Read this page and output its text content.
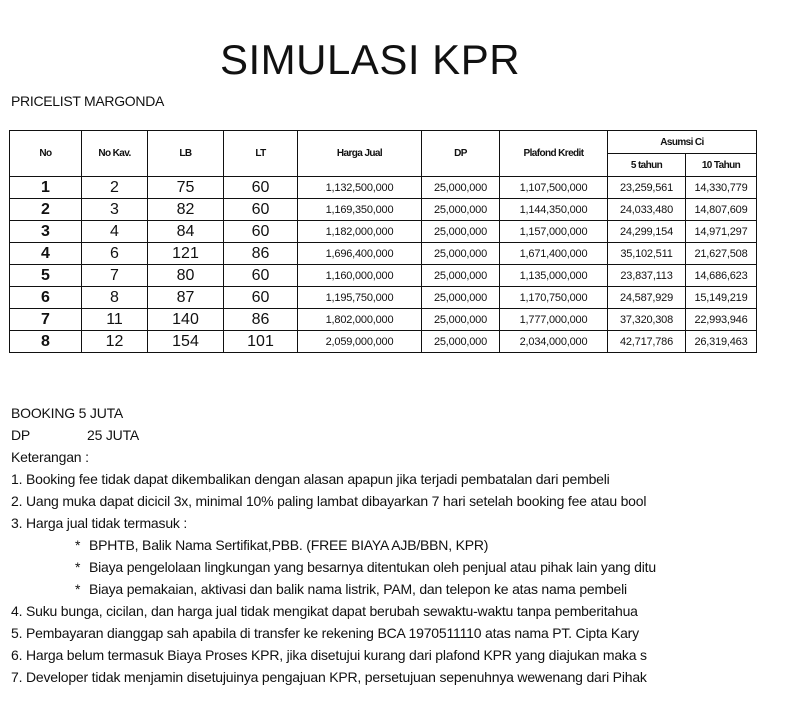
SIMULASI KPR
PRICELIST MARGONDA
No	No Kav.	LB	LT	Harga Jual	DP	Plafond Kredit	Asumsi Ci	
							5 tahun	10 Tahun
1	2	75	60	1,132,500,000	25,000,000	1,107,500,000	23,259,561	14,330,779
2	3	82	60	1,169,350,000	25,000,000	1,144,350,000	24,033,480	14,807,609
3	4	84	60	1,182,000,000	25,000,000	1,157,000,000	24,299,154	14,971,297
4	6	121	86	1,696,400,000	25,000,000	1,671,400,000	35,102,511	21,627,508
5	7	80	60	1,160,000,000	25,000,000	1,135,000,000	23,837,113	14,686,623
6	8	87	60	1,195,750,000	25,000,000	1,170,750,000	24,587,929	15,149,219
7	11	140	86	1,802,000,000	25,000,000	1,777,000,000	37,320,308	22,993,946
8	12	154	101	2,059,000,000	25,000,000	2,034,000,000	42,717,786	26,319,463
BOOKING 5 JUTA
DP	25 JUTA
Keterangan :
1. Booking fee tidak dapat dikembalikan dengan alasan apapun jika terjadi pembatalan dari pembeli
2. Uang muka dapat dicicil 3x, minimal 10% paling lambat dibayarkan 7 hari setelah booking fee atau bool
3. Harga jual tidak termasuk :
* BPHTB, Balik Nama Sertifikat,PBB. (FREE BIAYA AJB/BBN, KPR)
* Biaya pengelolaan lingkungan yang besarnya ditentukan oleh penjual atau pihak lain yang ditu
* Biaya pemakaian, aktivasi dan balik nama listrik, PAM, dan telepon ke atas nama pembeli
4. Suku bunga, cicilan, dan harga jual tidak mengikat dapat berubah sewaktu-waktu tanpa pemberitahua
5. Pembayaran dianggap sah apabila di transfer ke rekening BCA 1970511110 atas nama PT. Cipta Kary
6. Harga belum termasuk Biaya Proses KPR, jika disetujui kurang dari plafond KPR yang diajukan maka s
7. Developer tidak menjamin disetujuinya pengajuan KPR, persetujuan sepenuhnya wewenang dari Pihak
